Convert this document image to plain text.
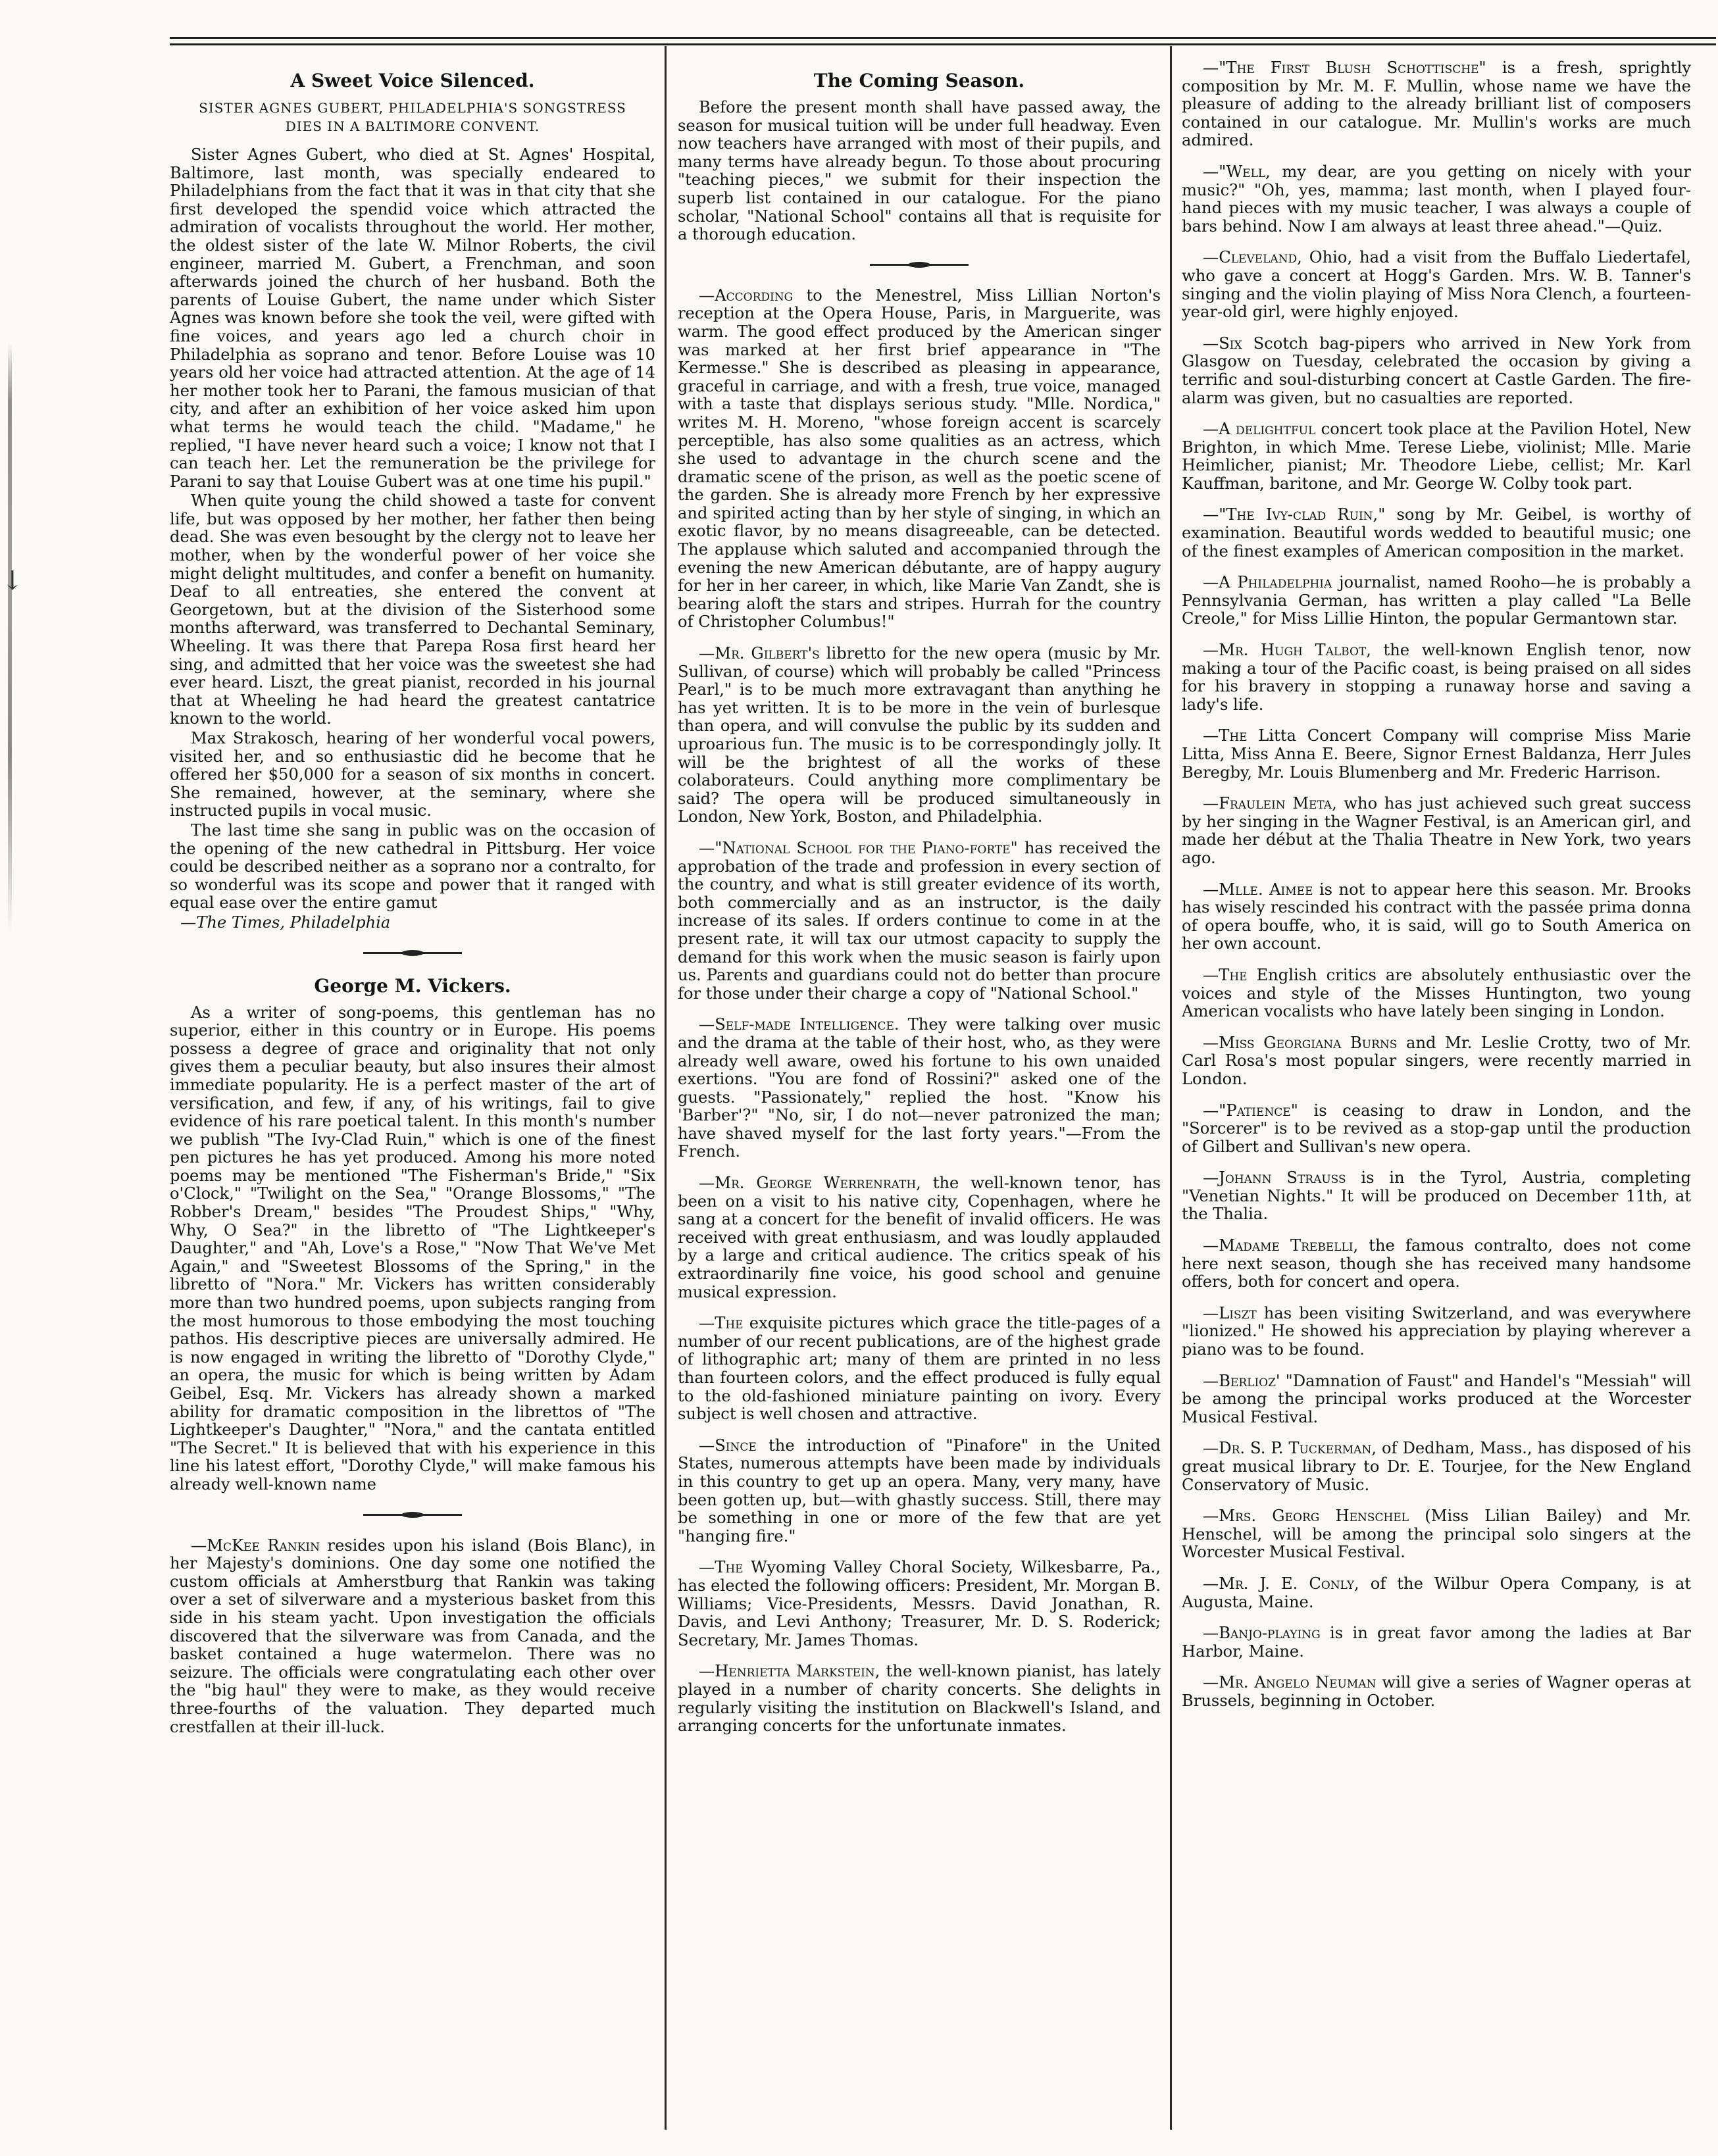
↓
A Sweet Voice Silenced.
SISTER AGNES GUBERT, PHILADELPHIA'S SONGSTRESS
DIES IN A BALTIMORE CONVENT.

Sister Agnes Gubert, who died at St. Agnes' Hospital, Baltimore, last month, was specially endeared to Philadelphians from the fact that it was in that city that she first developed the spendid voice which attracted the admiration of vocalists throughout the world. Her mother, the oldest sister of the late W. Milnor Roberts, the civil engineer, married M. Gubert, a Frenchman, and soon afterwards joined the church of her husband. Both the parents of Louise Gubert, the name under which Sister Agnes was known before she took the veil, were gifted with fine voices, and years ago led a church choir in Philadelphia as soprano and tenor. Before Louise was 10 years old her voice had attracted attention. At the age of 14 her mother took her to Parani, the famous musician of that city, and after an exhibition of her voice asked him upon what terms he would teach the child. "Madame," he replied, "I have never heard such a voice; I know not that I can teach her. Let the remuneration be the privilege for Parani to say that Louise Gubert was at one time his pupil."

When quite young the child showed a taste for convent life, but was opposed by her mother, her father then being dead. She was even besought by the clergy not to leave her mother, when by the wonderful power of her voice she might delight multitudes, and confer a benefit on humanity. Deaf to all entreaties, she entered the convent at Georgetown, but at the division of the Sisterhood some months afterward, was transferred to Dechantal Seminary, Wheeling. It was there that Parepa Rosa first heard her sing, and admitted that her voice was the sweetest she had ever heard. Liszt, the great pianist, recorded in his journal that at Wheeling he had heard the greatest cantatrice known to the world.

Max Strakosch, hearing of her wonderful vocal powers, visited her, and so enthusiastic did he become that he offered her $50,000 for a season of six months in concert. She remained, however, at the seminary, where she instructed pupils in vocal music.

The last time she sang in public was on the occasion of the opening of the new cathedral in Pittsburg. Her voice could be described neither as a soprano nor a contralto, for so wonderful was its scope and power that it ranged with equal ease over the entire gamut

—The Times, Philadelphia

George M. Vickers.

As a writer of song-poems, this gentleman has no superior, either in this country or in Europe. His poems possess a degree of grace and originality that not only gives them a peculiar beauty, but also insures their almost immediate popularity. He is a perfect master of the art of versification, and few, if any, of his writings, fail to give evidence of his rare poetical talent. In this month's number we publish "The Ivy-Clad Ruin," which is one of the finest pen pictures he has yet produced. Among his more noted poems may be mentioned "The Fisherman's Bride," "Six o'Clock," "Twilight on the Sea," "Orange Blossoms," "The Robber's Dream," besides "The Proudest Ships," "Why, Why, O Sea?" in the libretto of "The Lightkeeper's Daughter," and "Ah, Love's a Rose," "Now That We've Met Again," and "Sweetest Blossoms of the Spring," in the libretto of "Nora." Mr. Vickers has written considerably more than two hundred poems, upon subjects ranging from the most humorous to those embodying the most touching pathos. His descriptive pieces are universally admired. He is now engaged in writing the libretto of "Dorothy Clyde," an opera, the music for which is being written by Adam Geibel, Esq. Mr. Vickers has already shown a marked ability for dramatic composition in the librettos of "The Lightkeeper's Daughter," "Nora," and the cantata entitled "The Secret." It is believed that with his experience in this line his latest effort, "Dorothy Clyde," will make famous his already well-known name

—McKee Rankin resides upon his island (Bois Blanc), in her Majesty's dominions. One day some one notified the custom officials at Amherstburg that Rankin was taking over a set of silverware and a mysterious basket from this side in his steam yacht. Upon investigation the officials discovered that the silverware was from Canada, and the basket contained a huge watermelon. There was no seizure. The officials were congratulating each other over the "big haul" they were to make, as they would receive three-fourths of the valuation. They departed much crestfallen at their ill-luck.

The Coming Season.

Before the present month shall have passed away, the season for musical tuition will be under full headway. Even now teachers have arranged with most of their pupils, and many terms have already begun. To those about procuring "teaching pieces," we submit for their inspection the superb list contained in our catalogue. For the piano scholar, "National School" contains all that is requisite for a thorough education.

—According to the Menestrel, Miss Lillian Norton's reception at the Opera House, Paris, in Marguerite, was warm. The good effect produced by the American singer was marked at her first brief appearance in "The Kermesse." She is described as pleasing in appearance, graceful in carriage, and with a fresh, true voice, managed with a taste that displays serious study. "Mlle. Nordica," writes M. H. Moreno, "whose foreign accent is scarcely perceptible, has also some qualities as an actress, which she used to advantage in the church scene and the dramatic scene of the prison, as well as the poetic scene of the garden. She is already more French by her expressive and spirited acting than by her style of singing, in which an exotic flavor, by no means disagreeable, can be detected. The applause which saluted and accompanied through the evening the new American débutante, are of happy augury for her in her career, in which, like Marie Van Zandt, she is bearing aloft the stars and stripes. Hurrah for the country of Christopher Columbus!"

—Mr. Gilbert's libretto for the new opera (music by Mr. Sullivan, of course) which will probably be called "Princess Pearl," is to be much more extravagant than anything he has yet written. It is to be more in the vein of burlesque than opera, and will convulse the public by its sudden and uproarious fun. The music is to be correspondingly jolly. It will be the brightest of all the works of these colaborateurs. Could anything more complimentary be said? The opera will be produced simultaneously in London, New York, Boston, and Philadelphia.

—"National School for the Piano-forte" has received the approbation of the trade and profession in every section of the country, and what is still greater evidence of its worth, both commercially and as an instructor, is the daily increase of its sales. If orders continue to come in at the present rate, it will tax our utmost capacity to supply the demand for this work when the music season is fairly upon us. Parents and guardians could not do better than procure for those under their charge a copy of "National School."

—Self-made Intelligence. They were talking over music and the drama at the table of their host, who, as they were already well aware, owed his fortune to his own unaided exertions. "You are fond of Rossini?" asked one of the guests. "Passionately," replied the host. "Know his 'Barber'?" "No, sir, I do not—never patronized the man; have shaved myself for the last forty years."—From the French.

—Mr. George Werrenrath, the well-known tenor, has been on a visit to his native city, Copenhagen, where he sang at a concert for the benefit of invalid officers. He was received with great enthusiasm, and was loudly applauded by a large and critical audience. The critics speak of his extraordinarily fine voice, his good school and genuine musical expression.

—The exquisite pictures which grace the title-pages of a number of our recent publications, are of the highest grade of lithographic art; many of them are printed in no less than fourteen colors, and the effect produced is fully equal to the old-fashioned miniature painting on ivory. Every subject is well chosen and attractive.

—Since the introduction of "Pinafore" in the United States, numerous attempts have been made by individuals in this country to get up an opera. Many, very many, have been gotten up, but—with ghastly success. Still, there may be something in one or more of the few that are yet "hanging fire."

—The Wyoming Valley Choral Society, Wilkesbarre, Pa., has elected the following officers: President, Mr. Morgan B. Williams; Vice-Presidents, Messrs. David Jonathan, R. Davis, and Levi Anthony; Treasurer, Mr. D. S. Roderick; Secretary, Mr. James Thomas.

—Henrietta Markstein, the well-known pianist, has lately played in a number of charity concerts. She delights in regularly visiting the institution on Blackwell's Island, and arranging concerts for the unfortunate inmates.

—"The First Blush Schottische" is a fresh, sprightly composition by Mr. M. F. Mullin, whose name we have the pleasure of adding to the already brilliant list of composers contained in our catalogue. Mr. Mullin's works are much admired.

—"Well, my dear, are you getting on nicely with your music?" "Oh, yes, mamma; last month, when I played four-hand pieces with my music teacher, I was always a couple of bars behind. Now I am always at least three ahead."—Quiz.

—Cleveland, Ohio, had a visit from the Buffalo Liedertafel, who gave a concert at Hogg's Garden. Mrs. W. B. Tanner's singing and the violin playing of Miss Nora Clench, a fourteen-year-old girl, were highly enjoyed.

—Six Scotch bag-pipers who arrived in New York from Glasgow on Tuesday, celebrated the occasion by giving a terrific and soul-disturbing concert at Castle Garden. The fire-alarm was given, but no casualties are reported.

—A delightful concert took place at the Pavilion Hotel, New Brighton, in which Mme. Terese Liebe, violinist; Mlle. Marie Heimlicher, pianist; Mr. Theodore Liebe, cellist; Mr. Karl Kauffman, baritone, and Mr. George W. Colby took part.

—"The Ivy-clad Ruin," song by Mr. Geibel, is worthy of examination. Beautiful words wedded to beautiful music; one of the finest examples of American composition in the market.

—A Philadelphia journalist, named Rooho—he is probably a Pennsylvania German, has written a play called "La Belle Creole," for Miss Lillie Hinton, the popular Germantown star.

—Mr. Hugh Talbot, the well-known English tenor, now making a tour of the Pacific coast, is being praised on all sides for his bravery in stopping a runaway horse and saving a lady's life.

—The Litta Concert Company will comprise Miss Marie Litta, Miss Anna E. Beere, Signor Ernest Baldanza, Herr Jules Beregby, Mr. Louis Blumenberg and Mr. Frederic Harrison.

—Fraulein Meta, who has just achieved such great success by her singing in the Wagner Festival, is an American girl, and made her début at the Thalia Theatre in New York, two years ago.

—Mlle. Aimee is not to appear here this season. Mr. Brooks has wisely rescinded his contract with the passée prima donna of opera bouffe, who, it is said, will go to South America on her own account.

—The English critics are absolutely enthusiastic over the voices and style of the Misses Huntington, two young American vocalists who have lately been singing in London.

—Miss Georgiana Burns and Mr. Leslie Crotty, two of Mr. Carl Rosa's most popular singers, were recently married in London.

—"Patience" is ceasing to draw in London, and the "Sorcerer" is to be revived as a stop-gap until the production of Gilbert and Sullivan's new opera.

—Johann Strauss is in the Tyrol, Austria, completing "Venetian Nights." It will be produced on December 11th, at the Thalia.

—Madame Trebelli, the famous contralto, does not come here next season, though she has received many handsome offers, both for concert and opera.

—Liszt has been visiting Switzerland, and was everywhere "lionized." He showed his appreciation by playing wherever a piano was to be found.

—Berlioz' "Damnation of Faust" and Handel's "Messiah" will be among the principal works produced at the Worcester Musical Festival.

—Dr. S. P. Tuckerman, of Dedham, Mass., has disposed of his great musical library to Dr. E. Tourjee, for the New England Conservatory of Music.

—Mrs. Georg Henschel (Miss Lilian Bailey) and Mr. Henschel, will be among the principal solo singers at the Worcester Musical Festival.

—Mr. J. E. Conly, of the Wilbur Opera Company, is at Augusta, Maine.

—Banjo-playing is in great favor among the ladies at Bar Harbor, Maine.

—Mr. Angelo Neuman will give a series of Wagner operas at Brussels, beginning in October.
